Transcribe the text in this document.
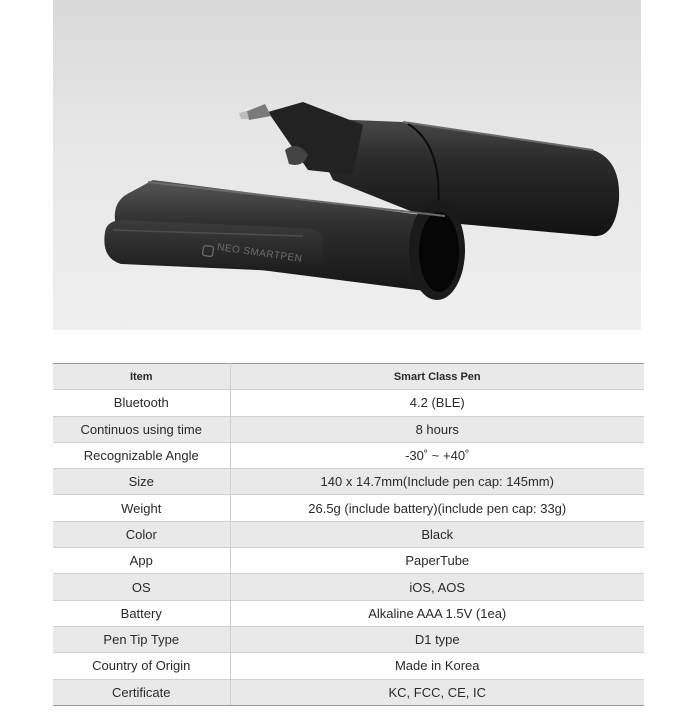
NEO SMARTPEN
Item	Smart Class Pen
Bluetooth	4.2 (BLE)
Continuos using time	8 hours
Recognizable Angle	-30˚ ~ +40˚
Size	140 x 14.7mm(Include pen cap: 145mm)
Weight	26.5g (include battery)(include pen cap: 33g)
Color	Black
App	PaperTube
OS	iOS, AOS
Battery	Alkaline AAA 1.5V (1ea)
Pen Tip Type	D1 type
Country of Origin	Made in Korea
Certificate	KC, FCC, CE, IC
